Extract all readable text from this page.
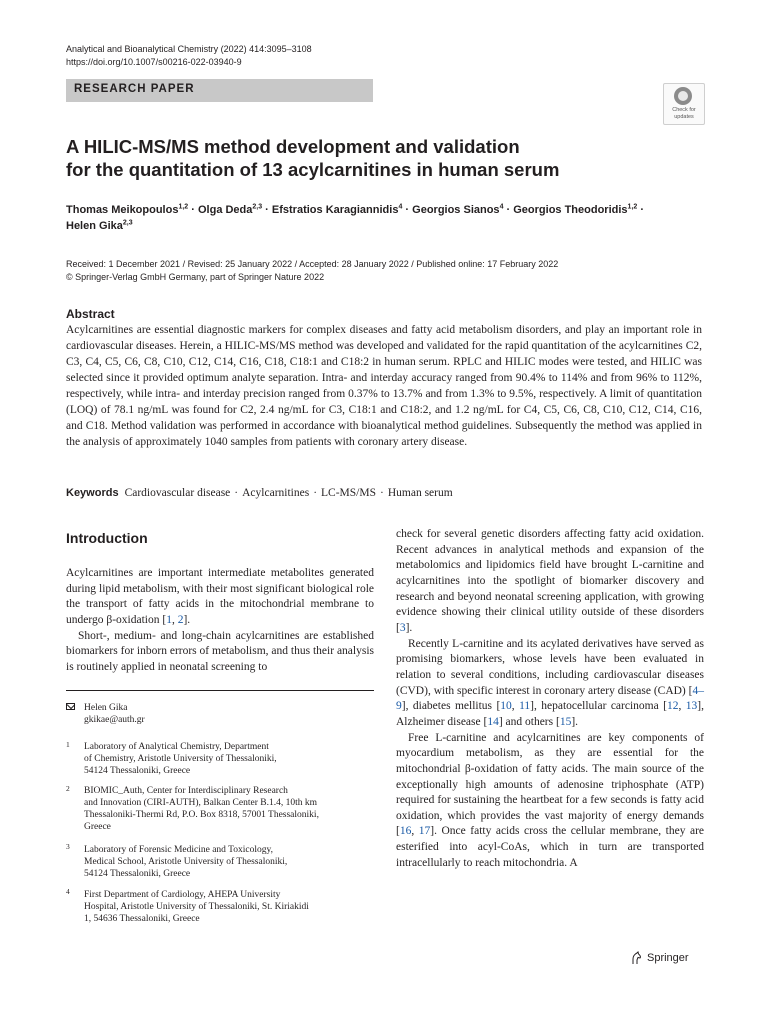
Analytical and Bioanalytical Chemistry (2022) 414:3095–3108
https://doi.org/10.1007/s00216-022-03940-9
RESEARCH PAPER
Check for
updates
A HILIC-MS/MS method development and validation
for the quantitation of 13 acylcarnitines in human serum
Thomas Meikopoulos$^{1,2}$ · Olga Deda$^{2,3}$ · Efstratios Karagiannidis$^4$ · Georgios Sianos$^4$ · Georgios Theodoridis$^{1,2}$ ·
Helen Gika$^{2,3}$
Received: 1 December 2021 / Revised: 25 January 2022 / Accepted: 28 January 2022 / Published online: 17 February 2022
© Springer-Verlag GmbH Germany, part of Springer Nature 2022
Abstract
Acylcarnitines are essential diagnostic markers for complex diseases and fatty acid metabolism disorders, and play an important role in cardiovascular diseases. Herein, a HILIC-MS/MS method was developed and validated for the rapid quantitation of the acylcarnitines C2, C3, C4, C5, C6, C8, C10, C12, C14, C16, C18, C18:1 and C18:2 in human serum. RPLC and HILIC modes were tested, and HILIC was selected since it provided optimum analyte separation. Intra- and interday accuracy ranged from 90.4% to 114% and from 96% to 112%, respectively, while intra- and interday precision ranged from 0.37% to 13.7% and from 1.3% to 9.5%, respectively. A limit of quantitation (LOQ) of 78.1 ng/mL was found for C2, 2.4 ng/mL for C3, C18:1 and C18:2, and 1.2 ng/mL for C4, C5, C6, C8, C10, C12, C14, C16, and C18. Method validation was performed in accordance with bioanalytical method guidelines. Subsequently the method was applied in the analysis of approximately 1040 samples from patients with coronary artery disease.
Keywords Cardiovascular disease · Acylcarnitines · LC-MS/MS · Human serum
Introduction

Acylcarnitines are important intermediate metabolites generated during lipid metabolism, with their most significant biological role the transport of fatty acids in the mitochondrial membrane to undergo β-oxidation [1, 2].

Short-, medium- and long-chain acylcarnitines are established biomarkers for inborn errors of metabolism, and thus their analysis is routinely applied in neonatal screening to

Helen Gika
gkikae@auth.gr
1 Laboratory of Analytical Chemistry, Department
of Chemistry, Aristotle University of Thessaloniki,
54124 Thessaloniki, Greece
2 BIOMIC_Auth, Center for Interdisciplinary Research
and Innovation (CIRI-AUTH), Balkan Center B.1.4, 10th km
Thessaloniki-Thermi Rd, P.O. Box 8318, 57001 Thessaloniki,
Greece
3 Laboratory of Forensic Medicine and Toxicology,
Medical School, Aristotle University of Thessaloniki,
54124 Thessaloniki, Greece
4 First Department of Cardiology, AHEPA University
Hospital, Aristotle University of Thessaloniki, St. Kiriakidi
1, 54636 Thessaloniki, Greece

check for several genetic disorders affecting fatty acid oxidation. Recent advances in analytical methods and expansion of the metabolomics and lipidomics field have brought L-carnitine and acylcarnitines into the spotlight of biomarker discovery and research and beyond neonatal screening application, with growing evidence showing their clinical utility outside of these disorders [3].

Recently L-carnitine and its acylated derivatives have served as promising biomarkers, whose levels have been evaluated in relation to several conditions, including cardiovascular diseases (CVD), with specific interest in coronary artery disease (CAD) [4–9], diabetes mellitus [10, 11], hepatocellular carcinoma [12, 13], Alzheimer disease [14] and others [15].

Free L-carnitine and acylcarnitines are key components of myocardium metabolism, as they are essential for the mitochondrial β-oxidation of fatty acids. The main source of the exceptionally high amounts of adenosine triphosphate (ATP) required for sustaining the heartbeat for a few seconds is fatty acid oxidation, which provides the vast majority of energy demands [16, 17]. Once fatty acids cross the cellular membrane, they are esterified into acyl-CoAs, which in turn are transported intracellularly to reach mitochondria. A

Springer
